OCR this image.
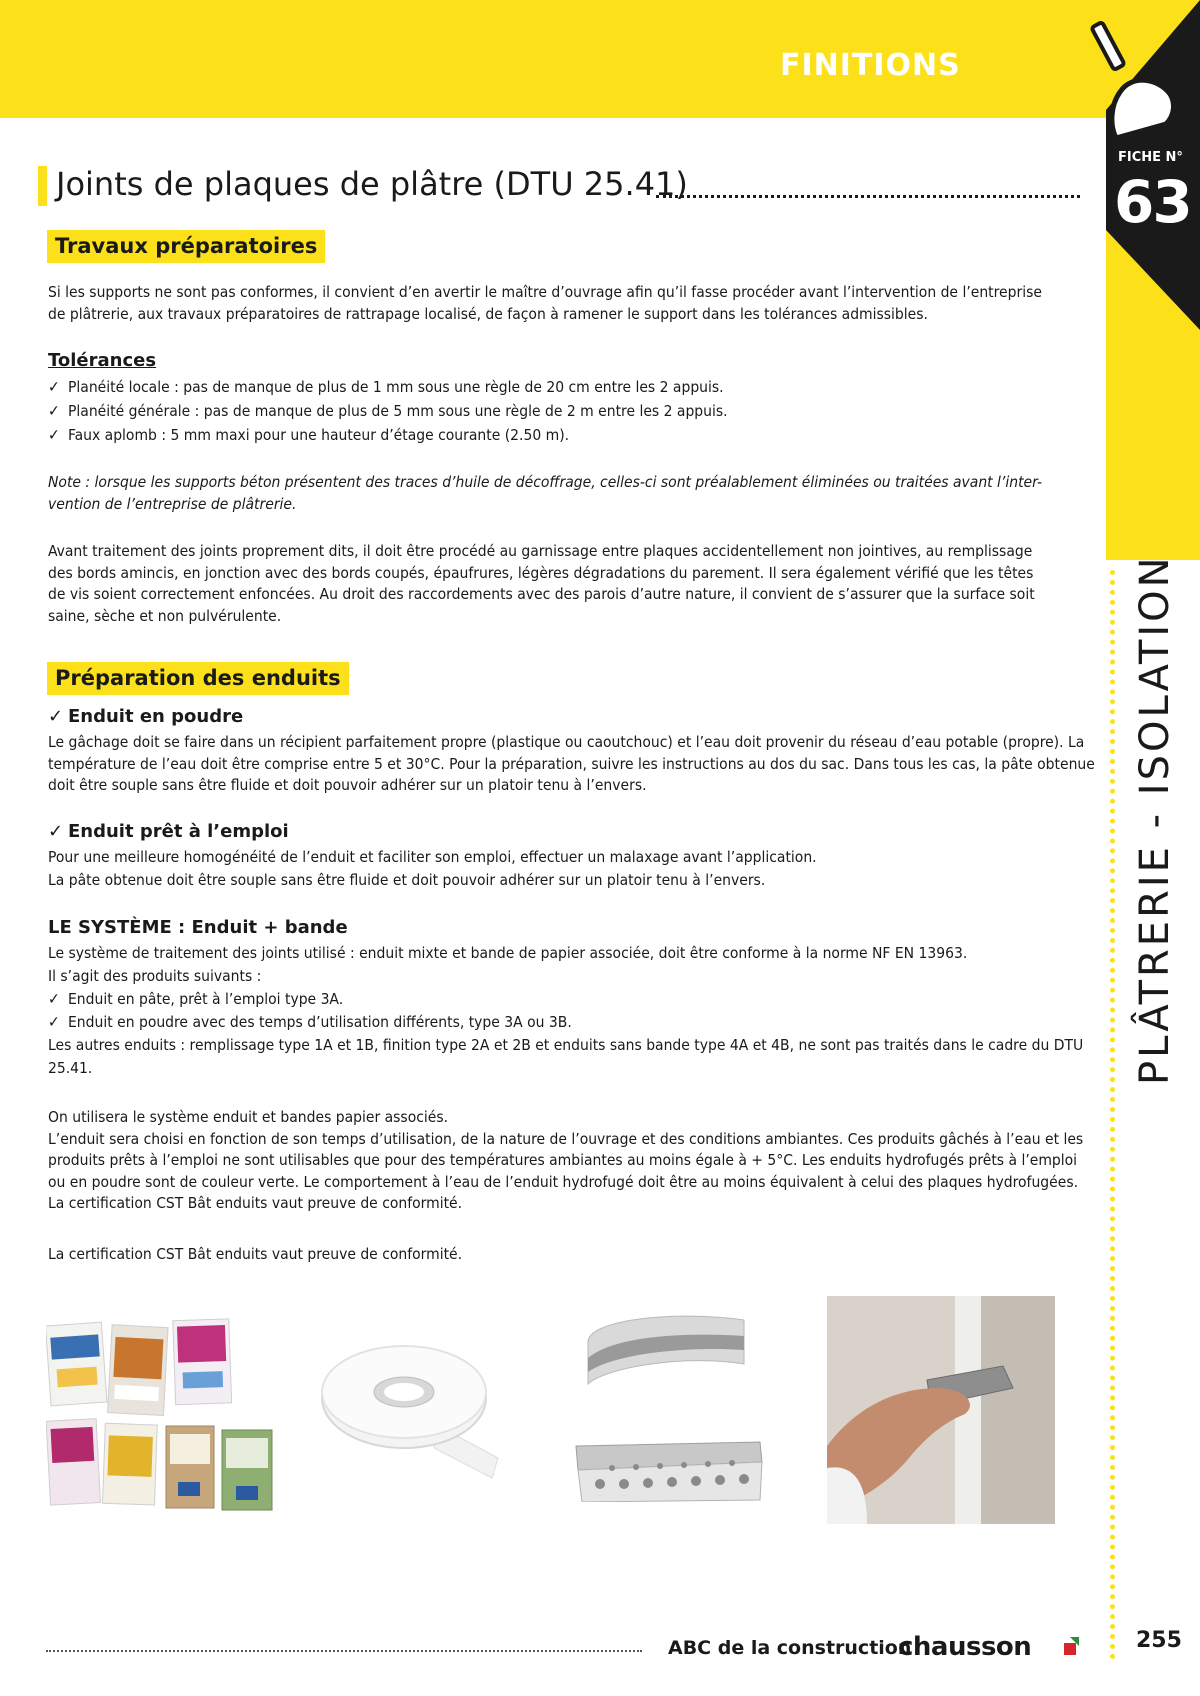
FINITIONS
FICHE N°
63
PLÂTRERIE - ISOLATION
Joints de plaques de plâtre (DTU 25.41)
Travaux préparatoires

Si les supports ne sont pas conformes, il convient d’en avertir le maître d’ouvrage afin qu’il fasse procéder avant l’intervention de l’entreprise
de plâtrerie, aux travaux préparatoires de rattrapage localisé, de façon à ramener le support dans les tolérances admissibles.

Tolérances

✓ Planéité locale : pas de manque de plus de 1 mm sous une règle de 20 cm entre les 2 appuis.
✓ Planéité générale : pas de manque de plus de 5 mm sous une règle de 2 m entre les 2 appuis.
✓ Faux aplomb : 5 mm maxi pour une hauteur d’étage courante (2.50 m).

Note : lorsque les supports béton présentent des traces d’huile de décoffrage, celles-ci sont préalablement éliminées ou traitées avant l’inter-
vention de l’entreprise de plâtrerie.

Avant traitement des joints proprement dits, il doit être procédé au garnissage entre plaques accidentellement non jointives, au remplissage
des bords amincis, en jonction avec des bords coupés, épaufrures, légères dégradations du parement. Il sera également vérifié que les têtes
de vis soient correctement enfoncées. Au droit des raccordements avec des parois d’autre nature, il convient de s’assurer que la surface soit
saine, sèche et non pulvérulente.

Préparation des enduits
✓ Enduit en poudre

Le gâchage doit se faire dans un récipient parfaitement propre (plastique ou caoutchouc) et l’eau doit provenir du réseau d’eau potable (propre). La
température de l’eau doit être comprise entre 5 et 30°C. Pour la préparation, suivre les instructions au dos du sac. Dans tous les cas, la pâte obtenue
doit être souple sans être fluide et doit pouvoir adhérer sur un platoir tenu à l’envers.

✓ Enduit prêt à l’emploi

Pour une meilleure homogénéité de l’enduit et faciliter son emploi, effectuer un malaxage avant l’application.
La pâte obtenue doit être souple sans être fluide et doit pouvoir adhérer sur un platoir tenu à l’envers.

LE SYSTÈME : Enduit + bande

Le système de traitement des joints utilisé : enduit mixte et bande de papier associée, doit être conforme à la norme NF EN 13963.
Il s’agit des produits suivants :
✓ Enduit en pâte, prêt à l’emploi type 3A.
✓ Enduit en poudre avec des temps d’utilisation différents, type 3A ou 3B.
Les autres enduits : remplissage type 1A et 1B, finition type 2A et 2B et enduits sans bande type 4A et 4B, ne sont pas traités dans le cadre du DTU
25.41.

On utilisera le système enduit et bandes papier associés.
L’enduit sera choisi en fonction de son temps d’utilisation, de la nature de l’ouvrage et des conditions ambiantes. Ces produits gâchés à l’eau et les
produits prêts à l’emploi ne sont utilisables que pour des températures ambiantes au moins égale à + 5°C. Les enduits hydrofugés prêts à l’emploi
ou en poudre sont de couleur verte. Le comportement à l’eau de l’enduit hydrofugé doit être au moins équivalent à celui des plaques hydrofugées.
La certification CST Bât enduits vaut preuve de conformité.

La certification CST Bât enduits vaut preuve de conformité.

ABC de la construction
chausson	255
